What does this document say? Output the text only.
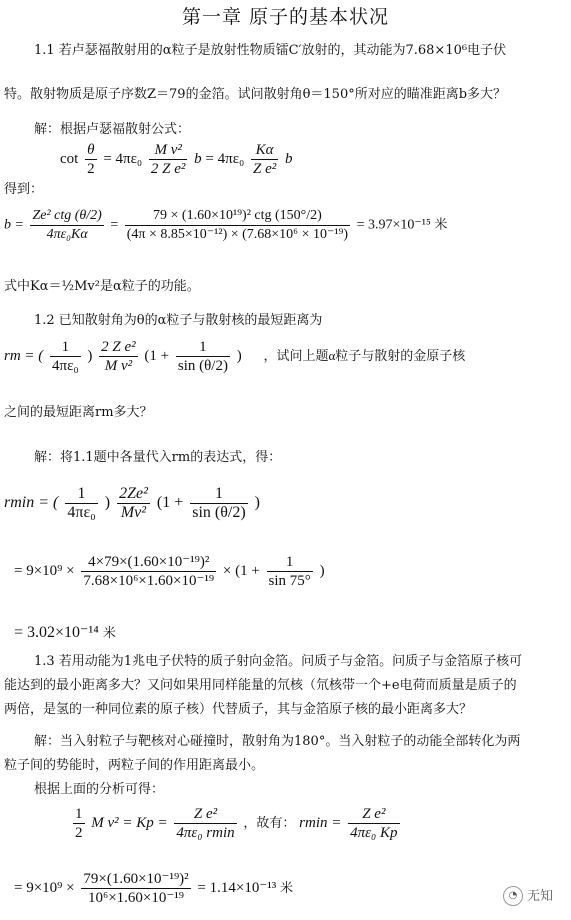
第一章 原子的基本状况
1.1 若卢瑟福散射用的α粒子是放射性物质镭C′放射的，其动能为7.68×10⁶电子伏
特。散射物质是原子序数Z＝79的金箔。试问散射角θ＝150°所对应的瞄准距离b多大？
解：根据卢瑟福散射公式：
$\cot \frac{\theta}{2} = 4\pi\varepsilon_0 \frac{\text{M v²}}{\text{2 Z e²}}$ $b = 4\pi\varepsilon_0 \frac{K\alpha}{\text{Z e²}}$ b
得到：
$b = \frac{\text{Ze² ctg (θ/2)}}{\text{4πε₀Kα}} = \frac{\text{79 × (1.60×10¹⁹)² ctg (150°/2)}}{\text{(4π × 8.85×10⁻¹²) × (7.68×10⁶ × 10⁻¹⁹)}} = 3.97\times 10^{-15}$ 米
式中Kα＝½Mv²是α粒子的功能。
1.2 已知散射角为θ的α粒子与散射核的最短距离为
rm = ( $\frac{1}{\text{4πε₀}}$ ) $\frac{\text{2 Z e²}}{\text{M v²}} (1 + \frac{1}{\sin (\theta/2)}$ ) ，试问上题α粒子与散射的金原子核
之间的最短距离rm多大？
解：将1.1题中各量代入rm的表达式，得：
rmin = ( $\frac{1}{\text{4πε₀}}$ ) $\frac{\text{2Ze²}}{\text{Mv²}} (1 + \frac{1}{\sin (\theta/2)}$ )
= $9\times 10^9 \times \frac{\text{4×79×(1.60×10⁻¹⁹)²}}{\text{7.68×10⁶×1.60×10⁻¹⁹}} \times (1 + \frac{1}{\sin 75^\circ}$ )
= 3.02×10⁻¹⁴ 米
1.3 若用动能为1兆电子伏特的质子射向金箔。问质子与金箔。问质子与金箔原子核可
能达到的最小距离多大？又问如果用同样能量的氘核（氘核带一个+e电荷而质量是质子的
两倍，是氢的一种同位素的原子核）代替质子，其与金箔原子核的最小距离多大？
解：当入射粒子与靶核对心碰撞时，散射角为180°。当入射粒子的动能全部转化为两
粒子间的势能时，两粒子间的作用距离最小。
根据上面的分析可得：
$\frac{1}{2}$ M $v^2 = Kp = \frac{\text{Z e²}}{\text{4πε₀ rmin}}$ ，故有： $rmin = \frac{\text{Z e²}}{\text{4πε₀ Kp}}$
= $9\times 10^9 \times \frac{\text{79×(1.60×10⁻¹⁹)²}}{\text{10⁶×1.60×10⁻¹⁹}} = 1.14\times 10^{-13}$ 米
◔ 无知
